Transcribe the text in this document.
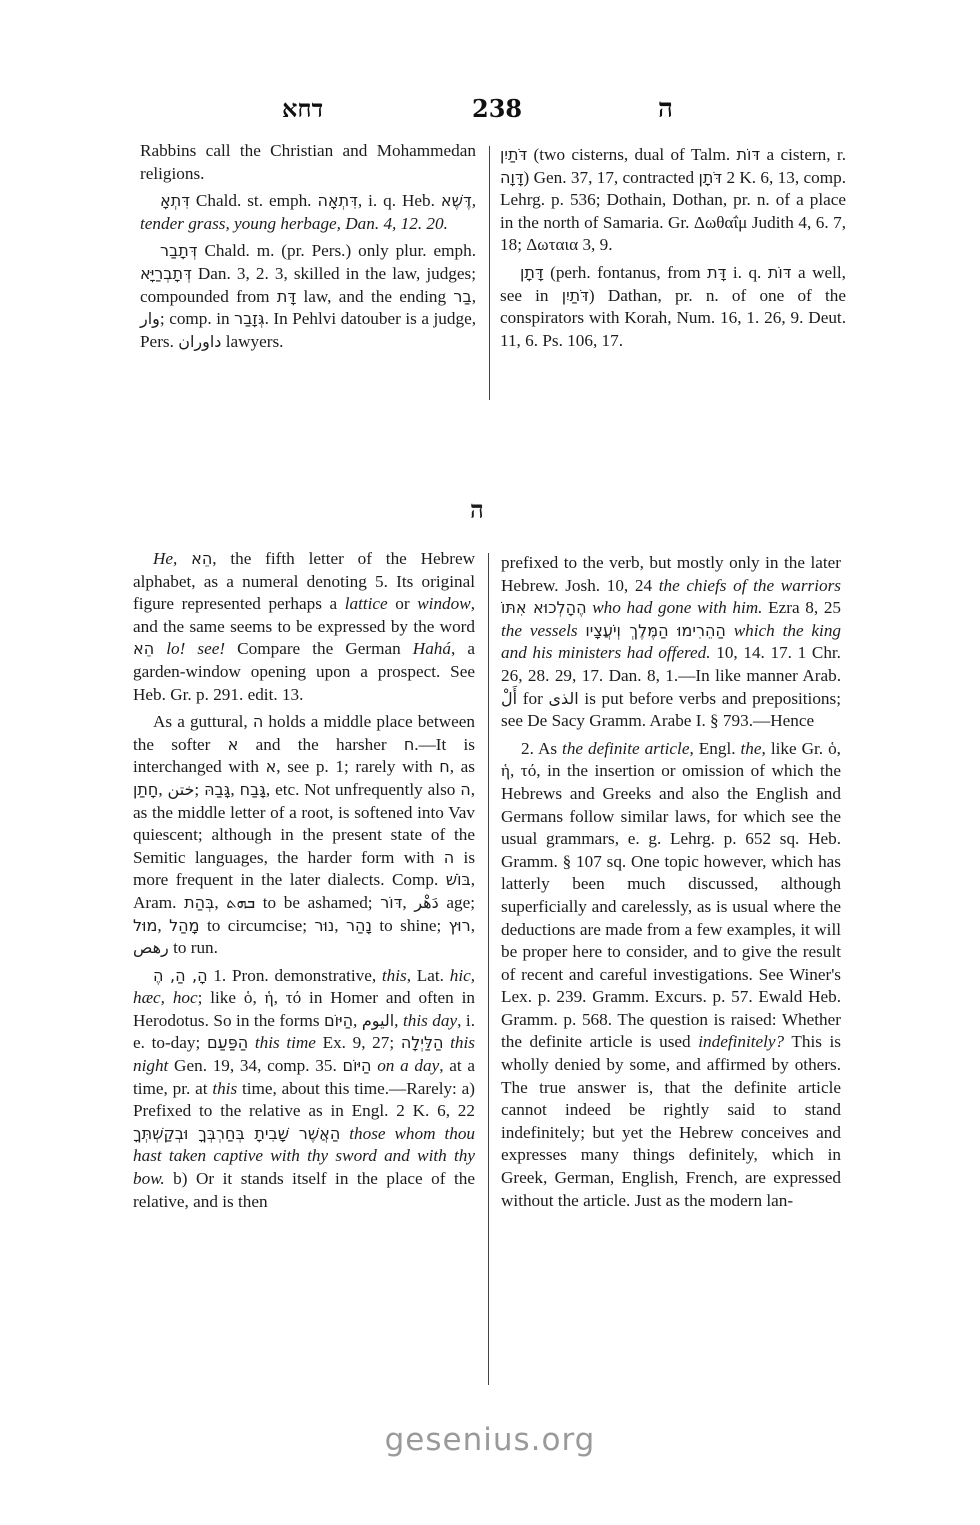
דחא	238	ה

Rabbins call the Christian and Mohammedan religions.

דִּתְאָ Chald. st. emph. דִּתְאָה, i. q. Heb. דֶּשֶׁא, tender grass, young herbage, Dan. 4, 12. 20.

דְּתָבַר Chald. m. (pr. Pers.) only plur. emph. דְּתָבְרַיָּא Dan. 3, 2. 3, skilled in the law, judges; compounded from דָּת law, and the ending בַר, وار; comp. in גְּזָבַר. In Pehlvi datouber is a judge, Pers. داوران lawyers.

דֹּתַיִן (two cisterns, dual of Talm. דּוֹת a cistern, r. דָּוָה) Gen. 37, 17, contracted דֹּתָן 2 K. 6, 13, comp. Lehrg. p. 536; Dothain, Dothan, pr. n. of a place in the north of Samaria. Gr. Δωθαΐμ Judith 4, 6. 7, 18; Δωταια 3, 9.

דָּתָן (perh. fontanus, from דָּת i. q. דּוֹת a well, see in דֹּתַיִן) Dathan, pr. n. of one of the conspirators with Korah, Num. 16, 1. 26, 9. Deut. 11, 6. Ps. 106, 17.

ה

He, הֵא, the fifth letter of the Hebrew alphabet, as a numeral denoting 5. Its original figure represented perhaps a lattice or window, and the same seems to be expressed by the word הֵא lo! see! Compare the German Hahá, a garden-window opening upon a prospect. See Heb. Gr. p. 291. edit. 13.

As a guttural, ה holds a middle place between the softer א and the harsher ח.—It is interchanged with א, see p. 1; rarely with ח, as חָתַן, ختن; גָּבַהּ, גָּבַח, etc. Not unfrequently also ה, as the middle letter of a root, is softened into Vav quiescent; although in the present state of the Semitic languages, the harder form with ה is more frequent in the later dialects. Comp. בּוֹשׁ, Aram. בְּהַת, ܒܗܬ to be ashamed; דּוֹר, دَهْر age; מוּל, מָהַל to circumcise; נוּר, נָהַר to shine; רוּץ, رهص to run.

הָ, הַ, הֶ 1. Pron. demonstrative, this, Lat. hic, hæc, hoc; like ὁ, ἡ, τό in Homer and often in Herodotus. So in the forms הַיּוֹם, اليوم, this day, i. e. to-day; הַפַּעַם this time Ex. 9, 27; הַלַּיְלָה this night Gen. 19, 34, comp. 35. הַיּוֹם on a day, at a time, pr. at this time, about this time.—Rarely: a) Prefixed to the relative as in Engl. 2 K. 6, 22 הַאֲשֶׁר שָׁבִיתָ בְּחַרְבְּךָ וּבְקַשְׁתְּךָ those whom thou hast taken captive with thy sword and with thy bow. b) Or it stands itself in the place of the relative, and is then

prefixed to the verb, but mostly only in the later Hebrew. Josh. 10, 24 the chiefs of the warriors הֶהָלְכוּא אִתּוֹ who had gone with him. Ezra 8, 25 the vessels הַהֵרִימוּ הַמֶּלֶךְ וְיֹעֲצָיו which the king and his ministers had offered. 10, 14. 17. 1 Chr. 26, 28. 29, 17. Dan. 8, 1.—In like manner Arab. أَلْ for الذى is put before verbs and prepositions; see De Sacy Gramm. Arabe I. § 793.—Hence

2. As the definite article, Engl. the, like Gr. ὁ, ἡ, τό, in the insertion or omission of which the Hebrews and Greeks and also the English and Germans follow similar laws, for which see the usual grammars, e. g. Lehrg. p. 652 sq. Heb. Gramm. § 107 sq. One topic however, which has latterly been much discussed, although superficially and carelessly, as is usual where the deductions are made from a few examples, it will be proper here to consider, and to give the result of recent and careful investigations. See Winer's Lex. p. 239. Gramm. Excurs. p. 57. Ewald Heb. Gramm. p. 568. The question is raised: Whether the definite article is used indefinitely? This is wholly denied by some, and affirmed by others. The true answer is, that the definite article cannot indeed be rightly said to stand indefinitely; but yet the Hebrew conceives and expresses many things definitely, which in Greek, German, English, French, are expressed without the article. Just as the modern lan-

gesenius.org
